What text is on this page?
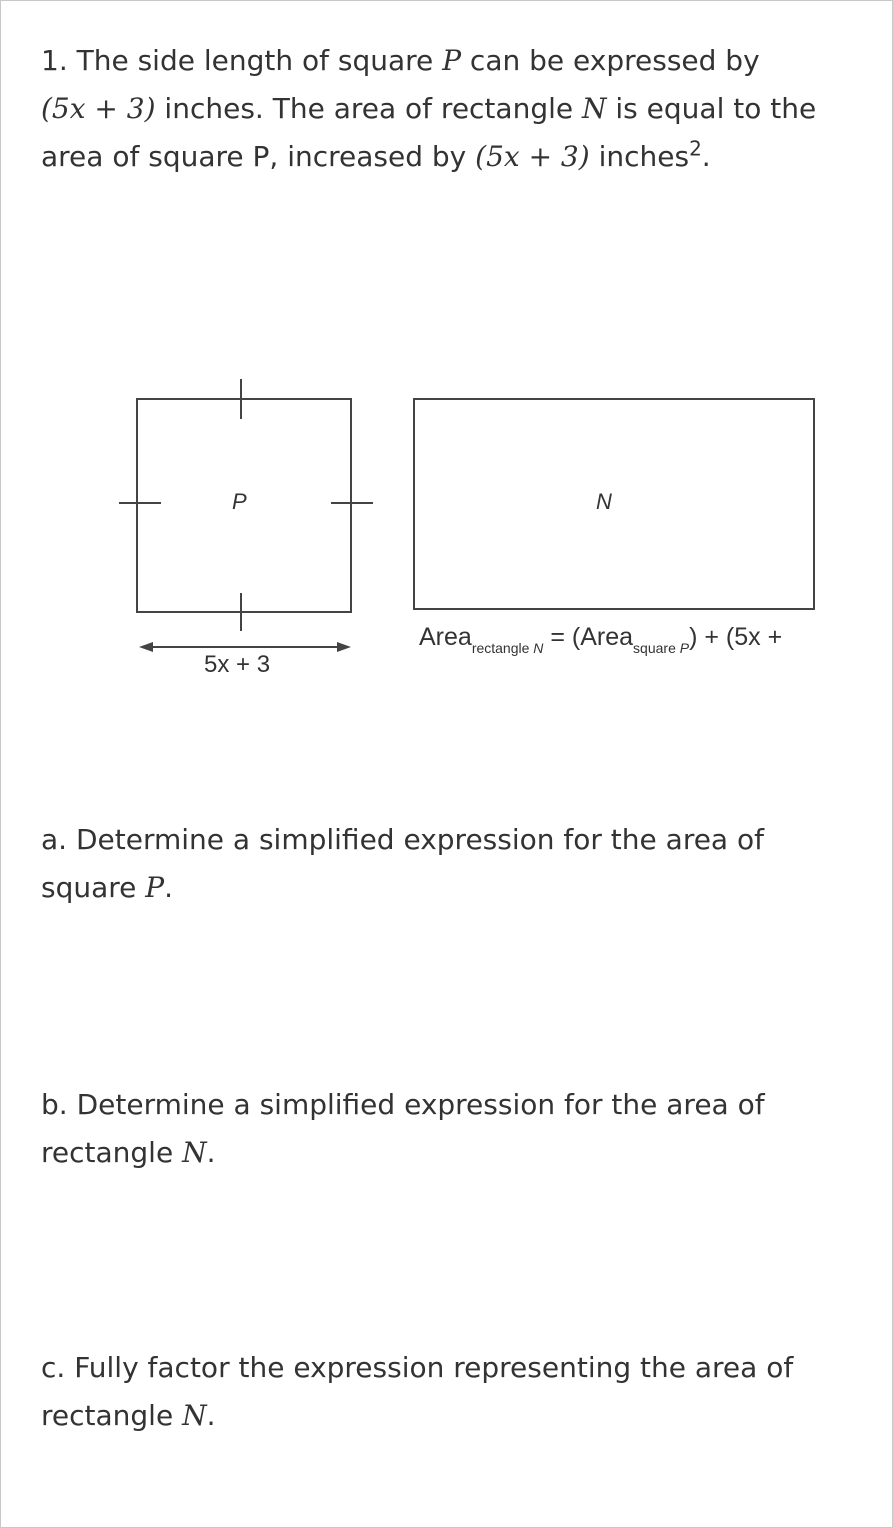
1. The side length of square P can be expressed by
(5x + 3) inches. The area of rectangle N is equal to the area of square P, increased by (5x + 3) inches$^2$.
P	N
5x + 3
Area$_{rectangle N}$ = (Area$_{square P}$) + (5x +
a. Determine a simplified expression for the area of square P.
b. Determine a simplified expression for the area of rectangle N.
c. Fully factor the expression representing the area of rectangle N.
